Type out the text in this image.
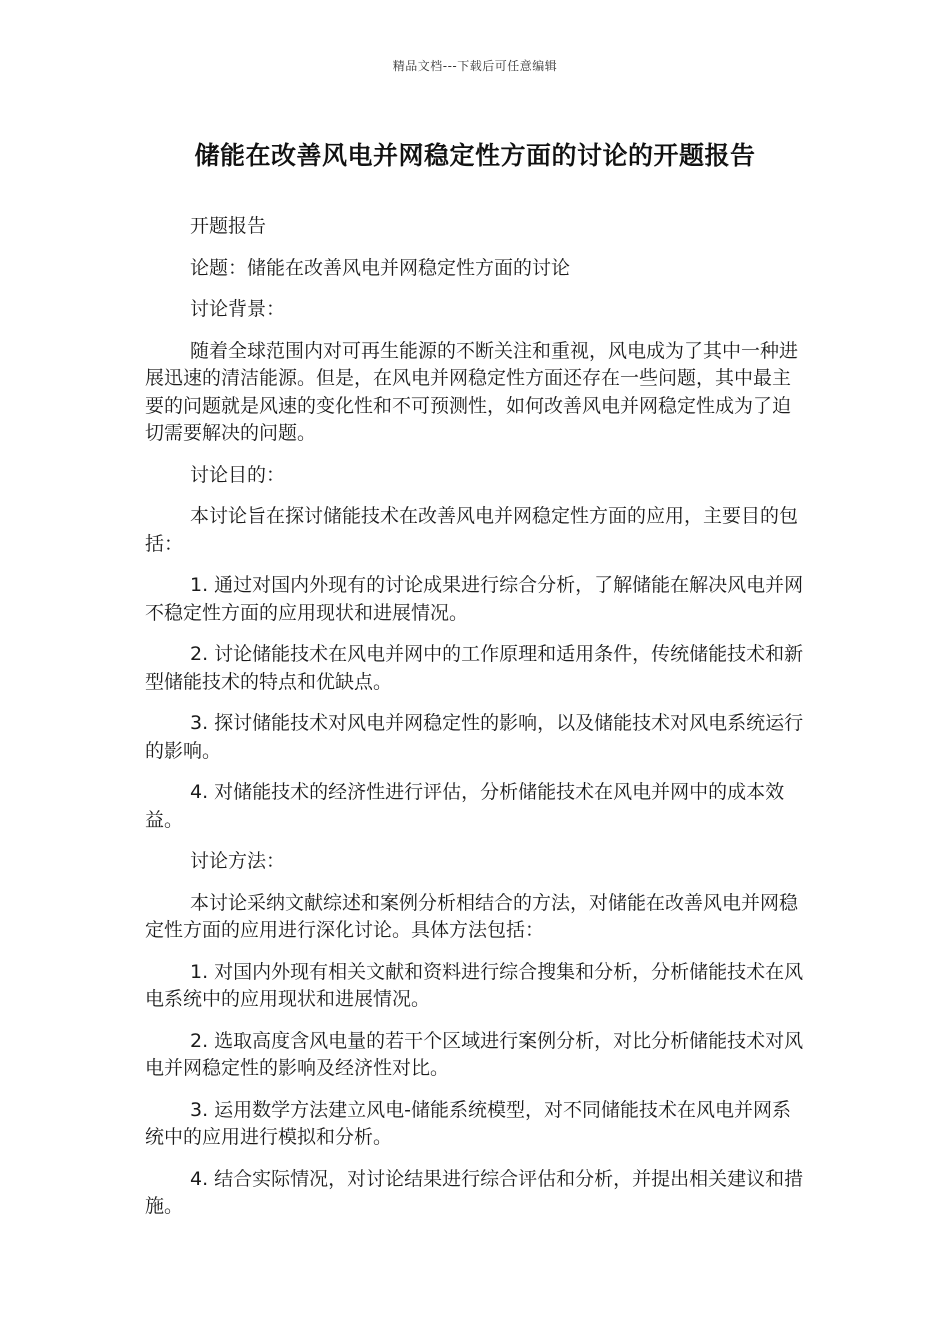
精品文档---下载后可任意编辑
储能在改善风电并网稳定性方面的讨论的开题报告

开题报告

论题：储能在改善风电并网稳定性方面的讨论

讨论背景：

随着全球范围内对可再生能源的不断关注和重视，风电成为了其中一种进展迅速的清洁能源。但是，在风电并网稳定性方面还存在一些问题，其中最主要的问题就是风速的变化性和不可预测性，如何改善风电并网稳定性成为了迫切需要解决的问题。

讨论目的：

本讨论旨在探讨储能技术在改善风电并网稳定性方面的应用，主要目的包括：

1. 通过对国内外现有的讨论成果进行综合分析，了解储能在解决风电并网不稳定性方面的应用现状和进展情况。

2. 讨论储能技术在风电并网中的工作原理和适用条件，传统储能技术和新型储能技术的特点和优缺点。

3. 探讨储能技术对风电并网稳定性的影响，以及储能技术对风电系统运行的影响。

4. 对储能技术的经济性进行评估，分析储能技术在风电并网中的成本效益。

讨论方法：

本讨论采纳文献综述和案例分析相结合的方法，对储能在改善风电并网稳定性方面的应用进行深化讨论。具体方法包括：

1. 对国内外现有相关文献和资料进行综合搜集和分析，分析储能技术在风电系统中的应用现状和进展情况。

2. 选取高度含风电量的若干个区域进行案例分析，对比分析储能技术对风电并网稳定性的影响及经济性对比。

3. 运用数学方法建立风电-储能系统模型，对不同储能技术在风电并网系统中的应用进行模拟和分析。

4. 结合实际情况，对讨论结果进行综合评估和分析，并提出相关建议和措施。
